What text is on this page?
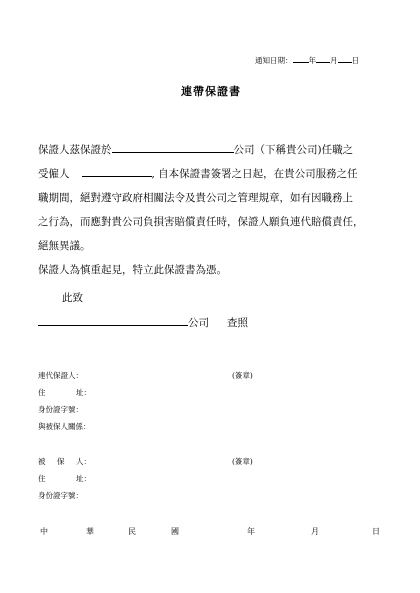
通知日期： 年 月 日
連帶保證書
保證人茲保證於	公司（下稱貴公司)任職之
受僱人	, 自本保證書簽署之日起，在貴公司服務之任
職期間，絕對遵守政府相關法令及貴公司之管理規章，如有因職務上
之行為，而應對貴公司負損害賠償責任時，保證人願負連代賠償責任，
絕無異議。
保證人為慎重起見，特立此保證書為憑。
此致
公司 查照
連代保證人：	(簽章)
住	址：
身份證字號：
與被保人關係：
被 保 人：	(簽章)
住	址：
身份證字號：
中	華	民	國	年	月	日
